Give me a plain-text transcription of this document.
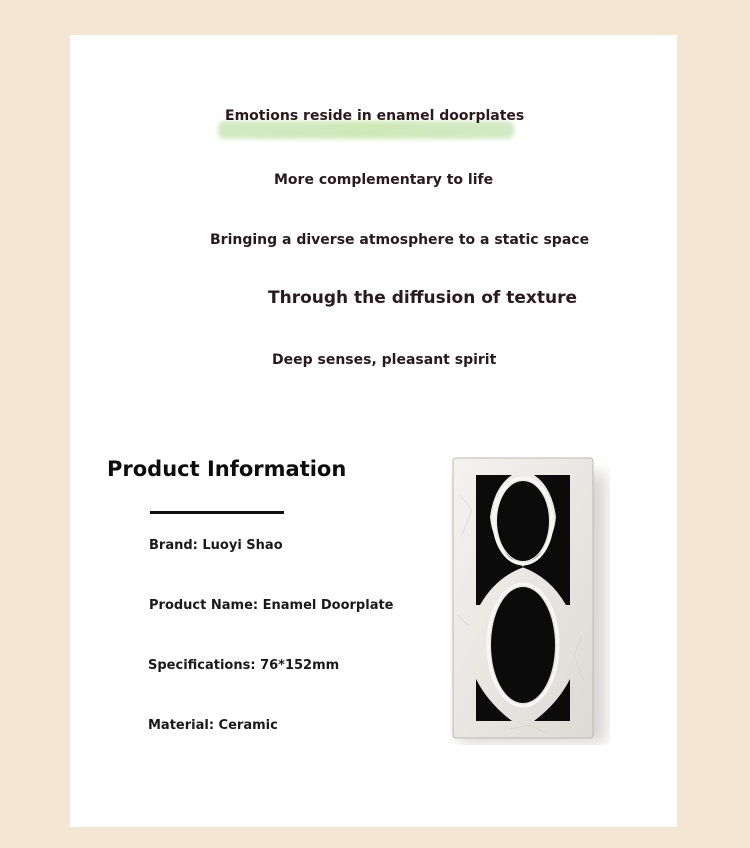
Emotions reside in enamel doorplates
More complementary to life
Bringing a diverse atmosphere to a static space
Through the diffusion of texture
Deep senses, pleasant spirit
Product Information
Brand: Luoyi Shao
Product Name: Enamel Doorplate
Specifications: 76*152mm
Material: Ceramic
